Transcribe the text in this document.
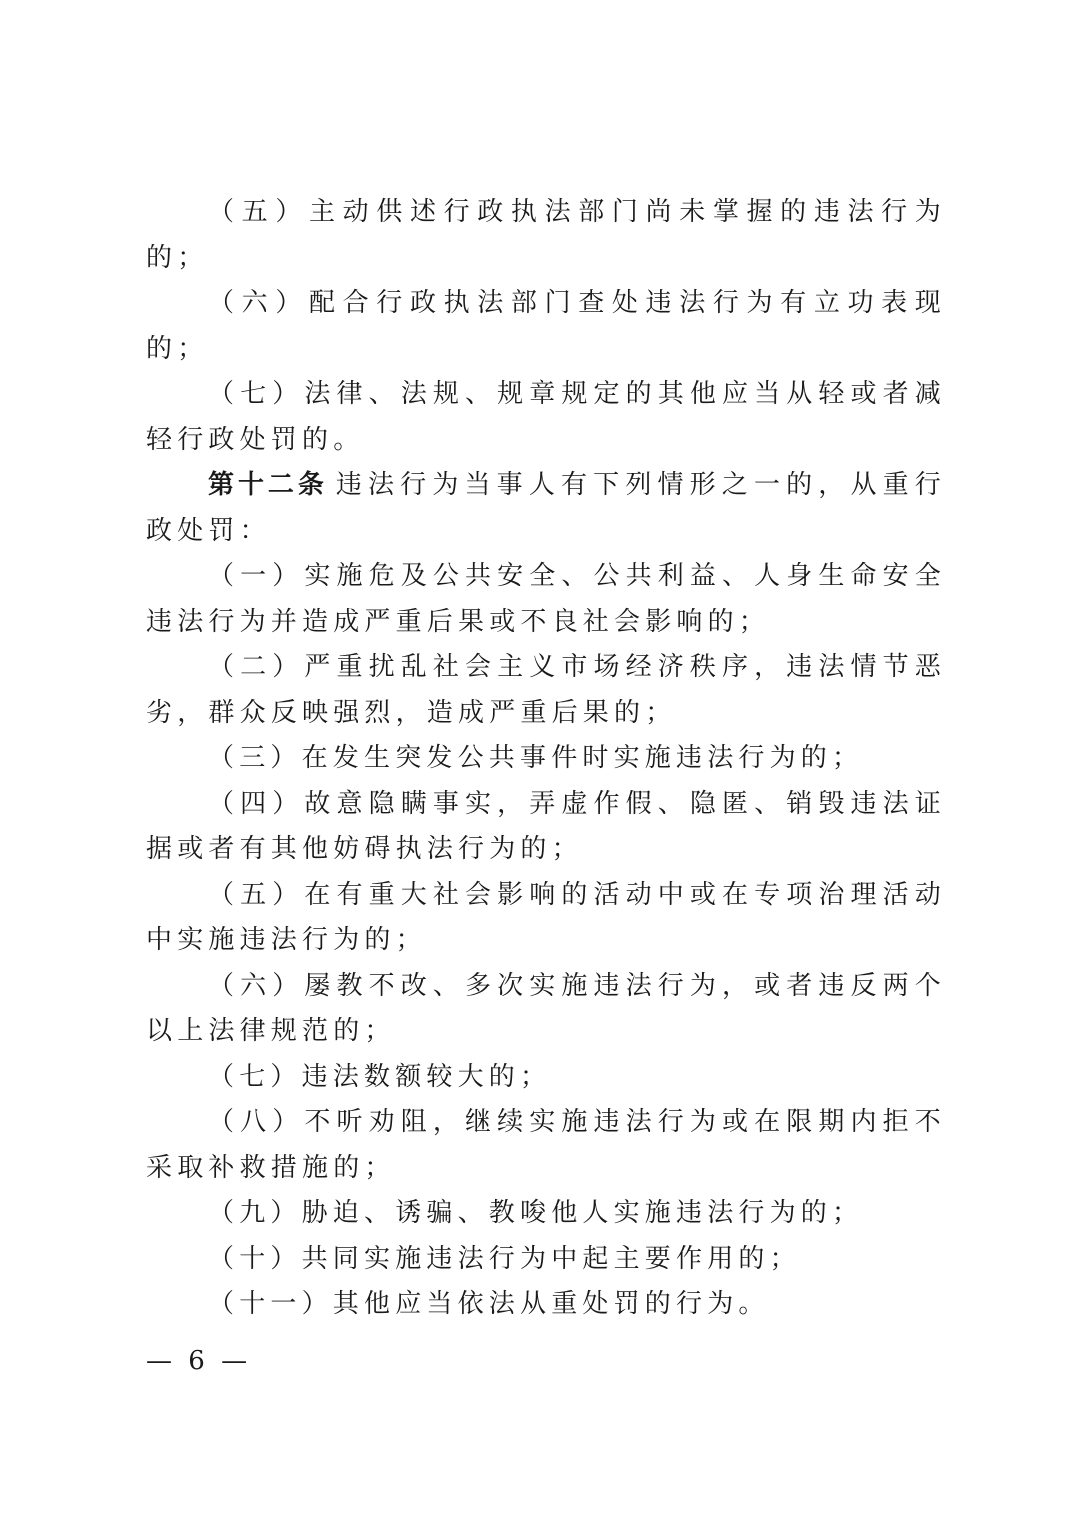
（五）主动供述行政执法部门尚未掌握的违法行为的；

（六）配合行政执法部门查处违法行为有立功表现的；

（七）法律、法规、规章规定的其他应当从轻或者减轻行政处罚的。

第十二条 违法行为当事人有下列情形之一的，从重行政处罚：

（一）实施危及公共安全、公共利益、人身生命安全违法行为并造成严重后果或不良社会影响的；

（二）严重扰乱社会主义市场经济秩序，违法情节恶劣，群众反映强烈，造成严重后果的；

（三）在发生突发公共事件时实施违法行为的；

（四）故意隐瞒事实，弄虚作假、隐匿、销毁违法证据或者有其他妨碍执法行为的；

（五）在有重大社会影响的活动中或在专项治理活动中实施违法行为的；

（六）屡教不改、多次实施违法行为，或者违反两个以上法律规范的；

（七）违法数额较大的；

（八）不听劝阻，继续实施违法行为或在限期内拒不采取补救措施的；

（九）胁迫、诱骗、教唆他人实施违法行为的；

（十）共同实施违法行为中起主要作用的；

（十一）其他应当依法从重处罚的行为。

— 6 —
